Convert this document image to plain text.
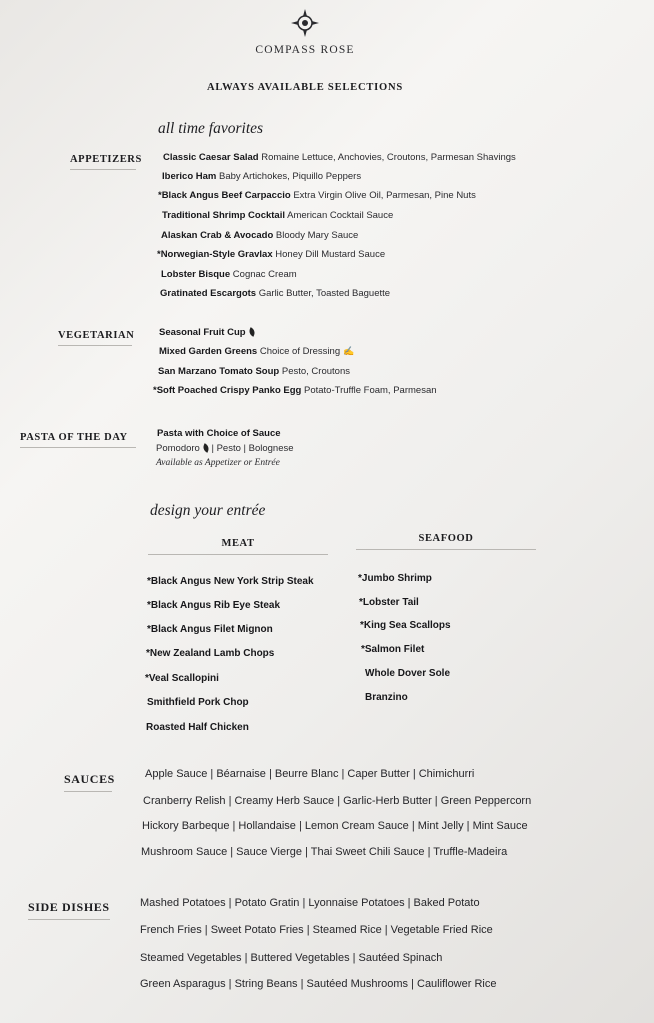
COMPASS ROSE
ALWAYS AVAILABLE SELECTIONS
all time favorites
APPETIZERS Classic Caesar Salad Romaine Lettuce, Anchovies, Croutons, Parmesan Shavings
Iberico Ham Baby Artichokes, Piquillo Peppers
*Black Angus Beef Carpaccio Extra Virgin Olive Oil, Parmesan, Pine Nuts
Traditional Shrimp Cocktail American Cocktail Sauce
Alaskan Crab & Avocado Bloody Mary Sauce
*Norwegian-Style Gravlax Honey Dill Mustard Sauce
Lobster Bisque Cognac Cream
Gratinated Escargots Garlic Butter, Toasted Baguette
VEGETARIAN	Seasonal Fruit Cup
Mixed Garden Greens Choice of Dressing ✍
San Marzano Tomato Soup Pesto, Croutons
*Soft Poached Crispy Panko Egg Potato-Truffle Foam, Parmesan
PASTA OF THE DAY	Pasta with Choice of Sauce
Pomodoro | Pesto | Bolognese
Available as Appetizer or Entrée
design your entrée
MEAT	SEAFOOD
*Black Angus New York Strip Steak
*Black Angus Rib Eye Steak
*Black Angus Filet Mignon
*New Zealand Lamb Chops
*Veal Scallopini
Smithfield Pork Chop
Roasted Half Chicken
*Jumbo Shrimp
*Lobster Tail
*King Sea Scallops
*Salmon Filet
Whole Dover Sole
Branzino
SAUCES	Apple Sauce | Béarnaise | Beurre Blanc | Caper Butter | Chimichurri
Cranberry Relish | Creamy Herb Sauce | Garlic-Herb Butter | Green Peppercorn
Hickory Barbeque | Hollandaise | Lemon Cream Sauce | Mint Jelly | Mint Sauce
Mushroom Sauce | Sauce Vierge | Thai Sweet Chili Sauce | Truffle-Madeira
SIDE DISHES	Mashed Potatoes | Potato Gratin | Lyonnaise Potatoes | Baked Potato
French Fries | Sweet Potato Fries | Steamed Rice | Vegetable Fried Rice
Steamed Vegetables | Buttered Vegetables | Sautéed Spinach
Green Asparagus | String Beans | Sautéed Mushrooms | Cauliflower Rice
